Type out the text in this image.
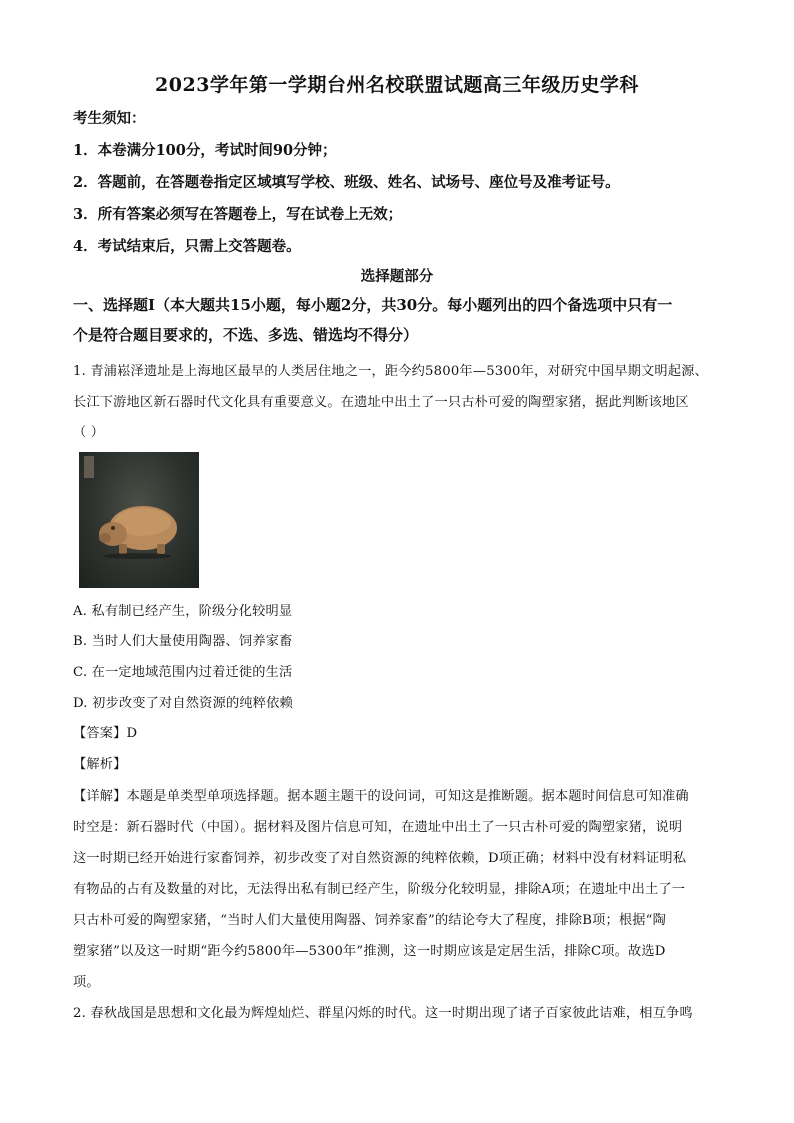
2023学年第一学期台州名校联盟试题高三年级历史学科
考生须知：
1．本卷满分100分，考试时间90分钟；
2．答题前，在答题卷指定区域填写学校、班级、姓名、试场号、座位号及准考证号。
3．所有答案必须写在答题卷上，写在试卷上无效；
4．考试结束后，只需上交答题卷。
选择题部分
一、选择题Ⅰ（本大题共15小题，每小题2分，共30分。每小题列出的四个备选项中只有一
个是符合题目要求的，不选、多选、错选均不得分）
1. 青浦崧泽遗址是上海地区最早的人类居住地之一，距今约5800年—5300年，对研究中国早期文明起源、
长江下游地区新石器时代文化具有重要意义。在遗址中出土了一只古朴可爱的陶塑家猪，据此判断该地区
（ ）
A. 私有制已经产生，阶级分化较明显
B. 当时人们大量使用陶器、饲养家畜
C. 在一定地域范围内过着迁徙的生活
D. 初步改变了对自然资源的纯粹依赖
【答案】D
【解析】
【详解】本题是单类型单项选择题。据本题主题干的设问词，可知这是推断题。据本题时间信息可知准确
时空是：新石器时代（中国）。据材料及图片信息可知，在遗址中出土了一只古朴可爱的陶塑家猪，说明
这一时期已经开始进行家畜饲养，初步改变了对自然资源的纯粹依赖，D项正确；材料中没有材料证明私
有物品的占有及数量的对比，无法得出私有制已经产生，阶级分化较明显，排除A项；在遗址中出土了一
只古朴可爱的陶塑家猪，“当时人们大量使用陶器、饲养家畜”的结论夸大了程度，排除B项；根据“陶
塑家猪”以及这一时期“距今约5800年—5300年”推测，这一时期应该是定居生活，排除C项。故选D
项。
2. 春秋战国是思想和文化最为辉煌灿烂、群星闪烁的时代。这一时期出现了诸子百家彼此诘难，相互争鸣
